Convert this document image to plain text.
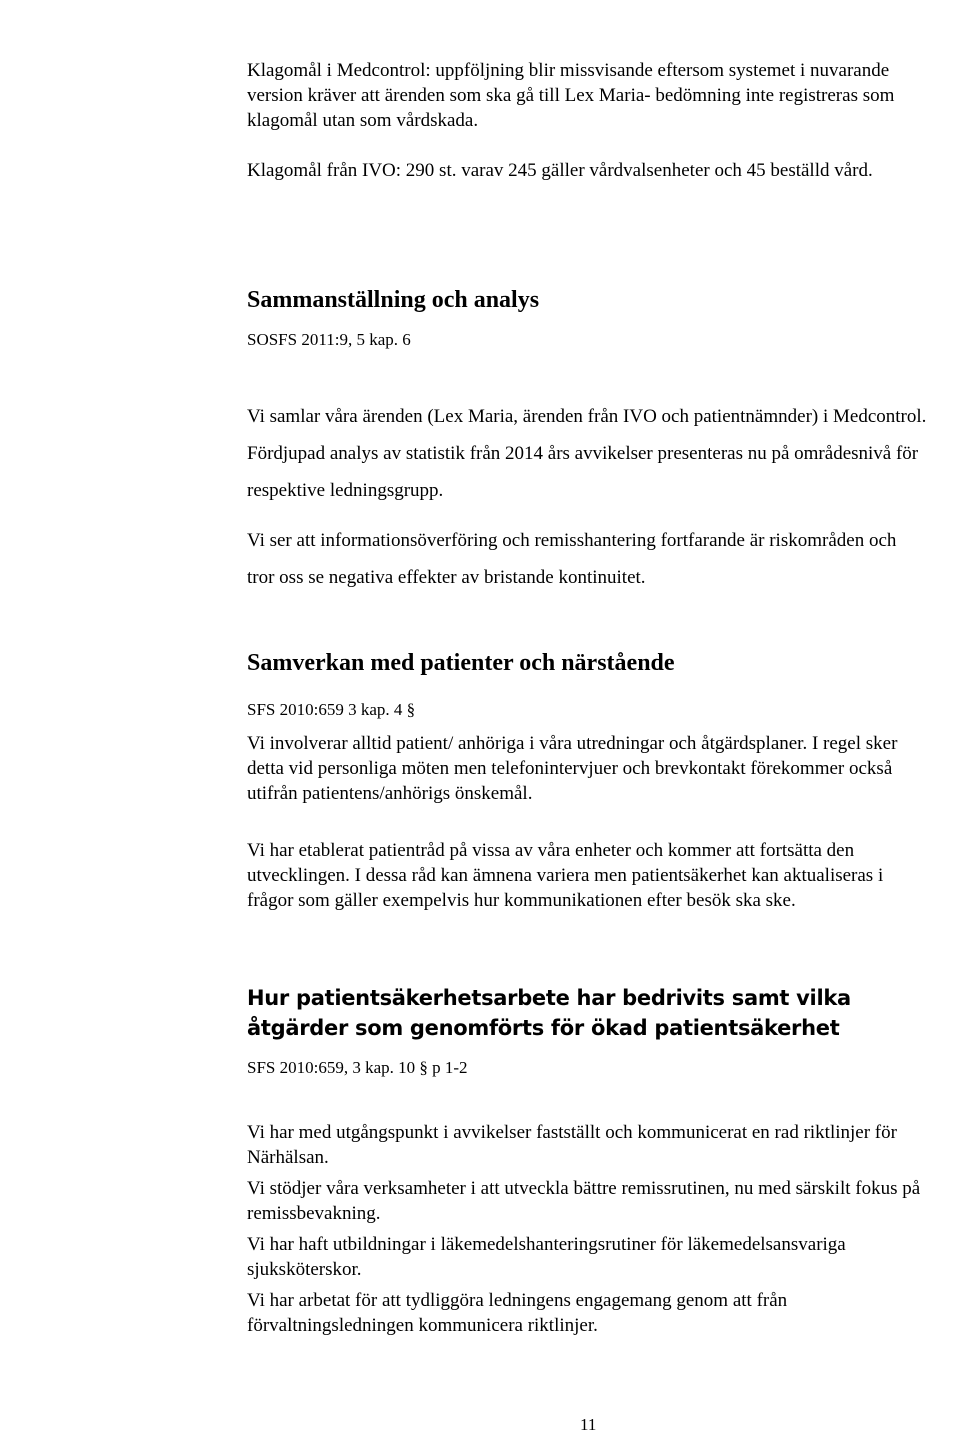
Klagomål i Medcontrol: uppföljning blir missvisande eftersom systemet i nuvarande version kräver att ärenden som ska gå till Lex Maria- bedömning inte registreras som klagomål utan som vårdskada.

Klagomål från IVO: 290 st. varav 245 gäller vårdvalsenheter och 45 beställd vård.

Sammanställning och analys

SOSFS 2011:9, 5 kap. 6

Vi samlar våra ärenden (Lex Maria, ärenden från IVO och patientnämnder) i Medcontrol. Fördjupad analys av statistik från 2014 års avvikelser presenteras nu på områdesnivå för respektive ledningsgrupp.

Vi ser att informationsöverföring och remisshantering fortfarande är riskområden och tror oss se negativa effekter av bristande kontinuitet.

Samverkan med patienter och närstående

SFS 2010:659 3 kap. 4 §

Vi involverar alltid patient/ anhöriga i våra utredningar och åtgärdsplaner. I regel sker detta vid personliga möten men telefonintervjuer och brevkontakt förekommer också utifrån patientens/anhörigs önskemål.

Vi har etablerat patientråd på vissa av våra enheter och kommer att fortsätta den utvecklingen. I dessa råd kan ämnena variera men patientsäkerhet kan aktualiseras i frågor som gäller exempelvis hur kommunikationen efter besök ska ske.

Hur patientsäkerhetsarbete har bedrivits samt vilka åtgärder som genomförts för ökad patientsäkerhet

SFS 2010:659, 3 kap. 10 § p 1-2

Vi har med utgångspunkt i avvikelser fastställt och kommunicerat en rad riktlinjer för Närhälsan.

Vi stödjer våra verksamheter i att utveckla bättre remissrutinen, nu med särskilt fokus på remissbevakning.

Vi har haft utbildningar i läkemedelshanteringsrutiner för läkemedelsansvariga sjuksköterskor.

Vi har arbetat för att tydliggöra ledningens engagemang genom att från förvaltningsledningen kommunicera riktlinjer.

11
